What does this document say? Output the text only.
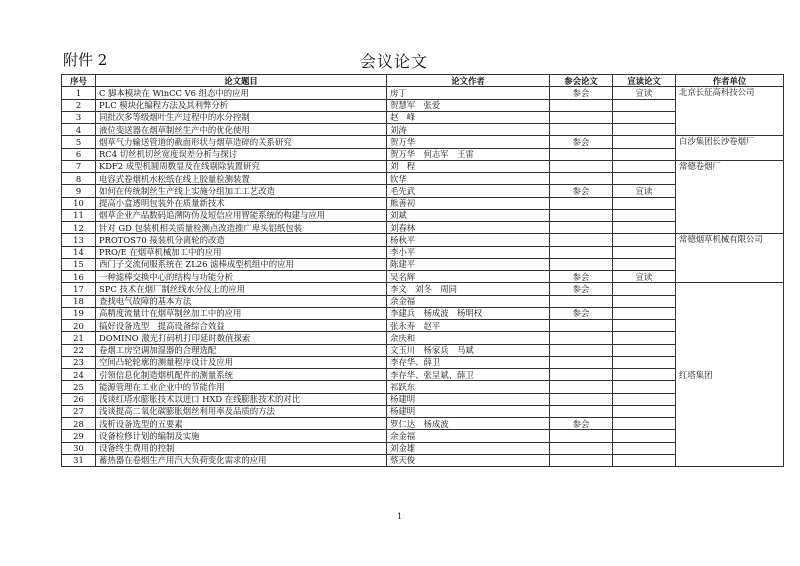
附件 2	会议论文
序号	论文题目	论文作者	参会论文	宣读论文	作者单位
1	C 脚本模块在 WinCC V6 组态中的应用	房丁	参会	宣读	北京长征高科技公司
2	PLC 模块化编程方法及其利弊分析	贺慧军　张爱			
3	同批次多等级烟叶生产过程中的水分控制	赵　峰			
4	液位变送器在烟草制丝生产中的优化使用	刘涛			
5	烟草气力输送管道的截面形状与烟草造碎的关系研究	贺万华	参会		白沙集团长沙卷烟厂
6	RC4 切丝机切丝宽度误差分析与探讨	贺万华　何志军　王雷			
7	KDF2 成型机圆周数显及在线剔除装置研究	刘　程			常德卷烟厂
8	电容式卷烟机水松纸在线上胶量检测装置	钦华			
9	如何在传统制丝生产线上实施分组加工工艺改造	毛先武	参会	宣读	
10	提高小盒透明包装外在质量新技术	熊善初			
11	烟草企业产品数码追溯防伪及短信应用智能系统的构建与应用	刘斌			
12	针对 GD 包装机相关质量检测点改造推广卑头铝纸包装	刘春林			
13	PROTOS70 接装机分离轮的改造	杨秋平			常德烟草机械有限公司
14	PRO/E 在烟草机械加工中的应用	李小平			
15	西门子交流伺服系统在 ZL26 滤棒成型机组中的应用	陈建平			
16	一种滤棒交换中心的结构与功能分析	吴名辉	参会	宣读	
17	SPC 技术在烟厂制丝线水分仪上的应用	李文　刘冬　周同	参会		红塔集团
18	查找电气故障的基本方法	余金福			
19	高精度流量计在烟草制丝加工中的应用	李建兵　杨成波　杨明权	参会		
20	搞好设备选型　提高设备综合效益	张永寿　赵平			
21	DOMINO 激光打码机打印延时数值探索	余庆和			
22	卷烟工房空调加湿器的合理选配	文玉川　杨家兵　马斌			
23	空间凸轮轮廓的测量程序设计及应用	李存华、薛卫			
24	引领信息化制造烟机配件的测量系统	李存华、张呈斌、薛卫			
25	能源管理在工业企业中的节能作用	祁跃东			
26	浅谈红塔水膨胀技术以进口 HXD 在线膨胀技术的对比	杨建明			
27	浅谈提高二氧化碳膨胀烟丝利用率及品质的方法	杨建明			
28	浅析设备选型的五要素	罗仁达　杨成波	参会		
29	设备检修计划的编制及实施	余金福			
30	设备终生费用的控制	刘金雄			
31	蓄热器在卷烟生产用汽大负荷变化需求的应用	蔡天俊			
1
